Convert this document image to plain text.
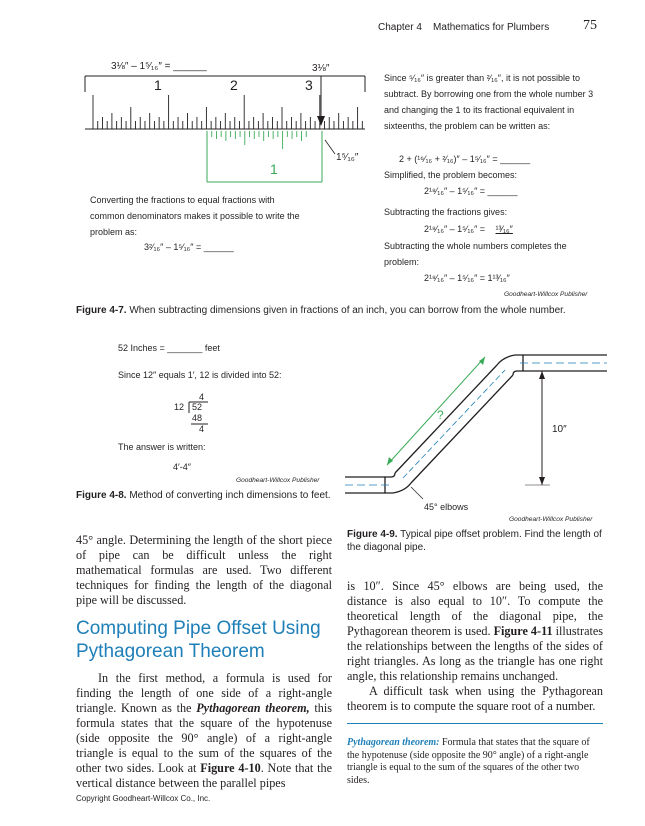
Chapter 4 Mathematics for Plumbers	75
3⅛″ – 1⁵⁄₁₆″ = ______	3⅛″
1	2	3
1
1⁵⁄₁₆″
Converting the fractions to equal fractions with common denominators makes it possible to write the problem as:
3²⁄₁₆″ – 1⁵⁄₁₆″ = ______
Since ⁵⁄₁₆″ is greater than ²⁄₁₆″, it is not possible to subtract. By borrowing one from the whole number 3 and changing the 1 to its fractional equivalent in sixteenths, the problem can be written as:
2 + (¹⁶⁄₁₆ + ²⁄₁₆)″ – 1⁵⁄₁₆″ = ______
Simplified, the problem becomes:
2¹⁸⁄₁₆″ – 1⁵⁄₁₆″ = ______
Subtracting the fractions gives:
2¹⁸⁄₁₆″ – 1⁵⁄₁₆″ = ¹³⁄₁₆″
Subtracting the whole numbers completes the problem:
2¹⁸⁄₁₆″ – 1⁵⁄₁₆″ = 1¹³⁄₁₆″
Goodheart-Willcox Publisher
Figure 4-7. When subtracting dimensions given in fractions of an inch, you can borrow from the whole number.
52 Inches = _______ feet
Since 12″ equals 1′, 12 is divided into 52:
4
12 52
48
4
The answer is written:
4′-4″
Goodheart-Willcox Publisher
Figure 4-8. Method of converting inch dimensions to feet.
?
10″
45° elbows
Goodheart-Willcox Publisher
Figure 4-9. Typical pipe offset problem. Find the length of the diagonal pipe.
45° angle. Determining the length of the short piece of pipe can be difficult unless the right mathematical formulas are used. Two different techniques for finding the length of the diagonal pipe will be discussed.
Computing Pipe Offset Using Pythagorean Theorem
In the first method, a formula is used for finding the length of one side of a right-angle triangle. Known as the Pythagorean theorem, this formula states that the square of the hypotenuse (side opposite the 90° angle) of a right-angle triangle is equal to the sum of the squares of the other two sides. Look at Figure 4-10. Note that the vertical distance between the parallel pipes
is 10″. Since 45° elbows are being used, the distance is also equal to 10″. To compute the theoretical length of the diagonal pipe, the Pythagorean theorem is used. Figure 4-11 illustrates the relationships between the lengths of the sides of right triangles. As long as the triangle has one right angle, this relationship remains unchanged.
A difficult task when using the Pythagorean theorem is to compute the square root of a number.
Pythagorean theorem: Formula that states that the square of the hypotenuse (side opposite the 90° angle) of a right-angle triangle is equal to the sum of the squares of the other two sides.
Copyright Goodheart-Willcox Co., Inc.
